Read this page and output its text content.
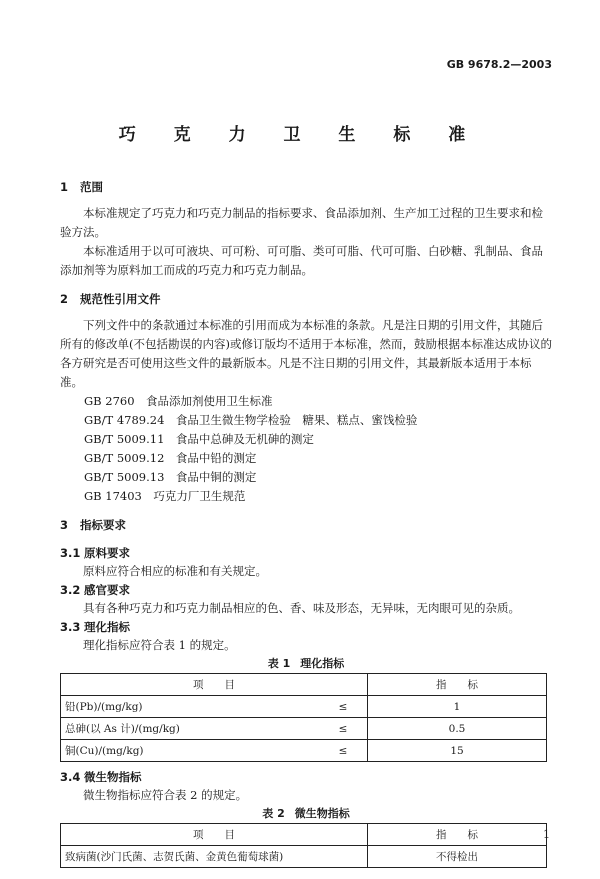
GB 9678.2—2003
巧 克 力 卫 生 标 准
1 范围

本标准规定了巧克力和巧克力制品的指标要求、食品添加剂、生产加工过程的卫生要求和检验方法。

本标准适用于以可可液块、可可粉、可可脂、类可可脂、代可可脂、白砂糖、乳制品、食品添加剂等为原料加工而成的巧克力和巧克力制品。

2 规范性引用文件

下列文件中的条款通过本标准的引用而成为本标准的条款。凡是注日期的引用文件，其随后所有的修改单(不包括勘误的内容)或修订版均不适用于本标准，然而，鼓励根据本标准达成协议的各方研究是否可使用这些文件的最新版本。凡是不注日期的引用文件，其最新版本适用于本标准。

GB 2760　食品添加剂使用卫生标准
GB/T 4789.24　食品卫生微生物学检验　糖果、糕点、蜜饯检验
GB/T 5009.11　食品中总砷及无机砷的测定
GB/T 5009.12　食品中铅的测定
GB/T 5009.13　食品中铜的测定
GB 17403　巧克力厂卫生规范
3 指标要求
3.1 原料要求

原料应符合相应的标准和有关规定。

3.2 感官要求

具有各种巧克力和巧克力制品相应的色、香、味及形态，无异味，无肉眼可见的杂质。

3.3 理化指标

理化指标应符合表 1 的规定。

表 1 理化指标
项　　目		指　　标
铅(Pb)/(mg/kg)	≤	1
总砷(以 As 计)/(mg/kg)	≤	0.5
铜(Cu)/(mg/kg)	≤	15
3.4 微生物指标

微生物指标应符合表 2 的规定。

表 2 微生物指标
项　　目	指　　标
致病菌(沙门氏菌、志贺氏菌、金黄色葡萄球菌)	不得检出
1
